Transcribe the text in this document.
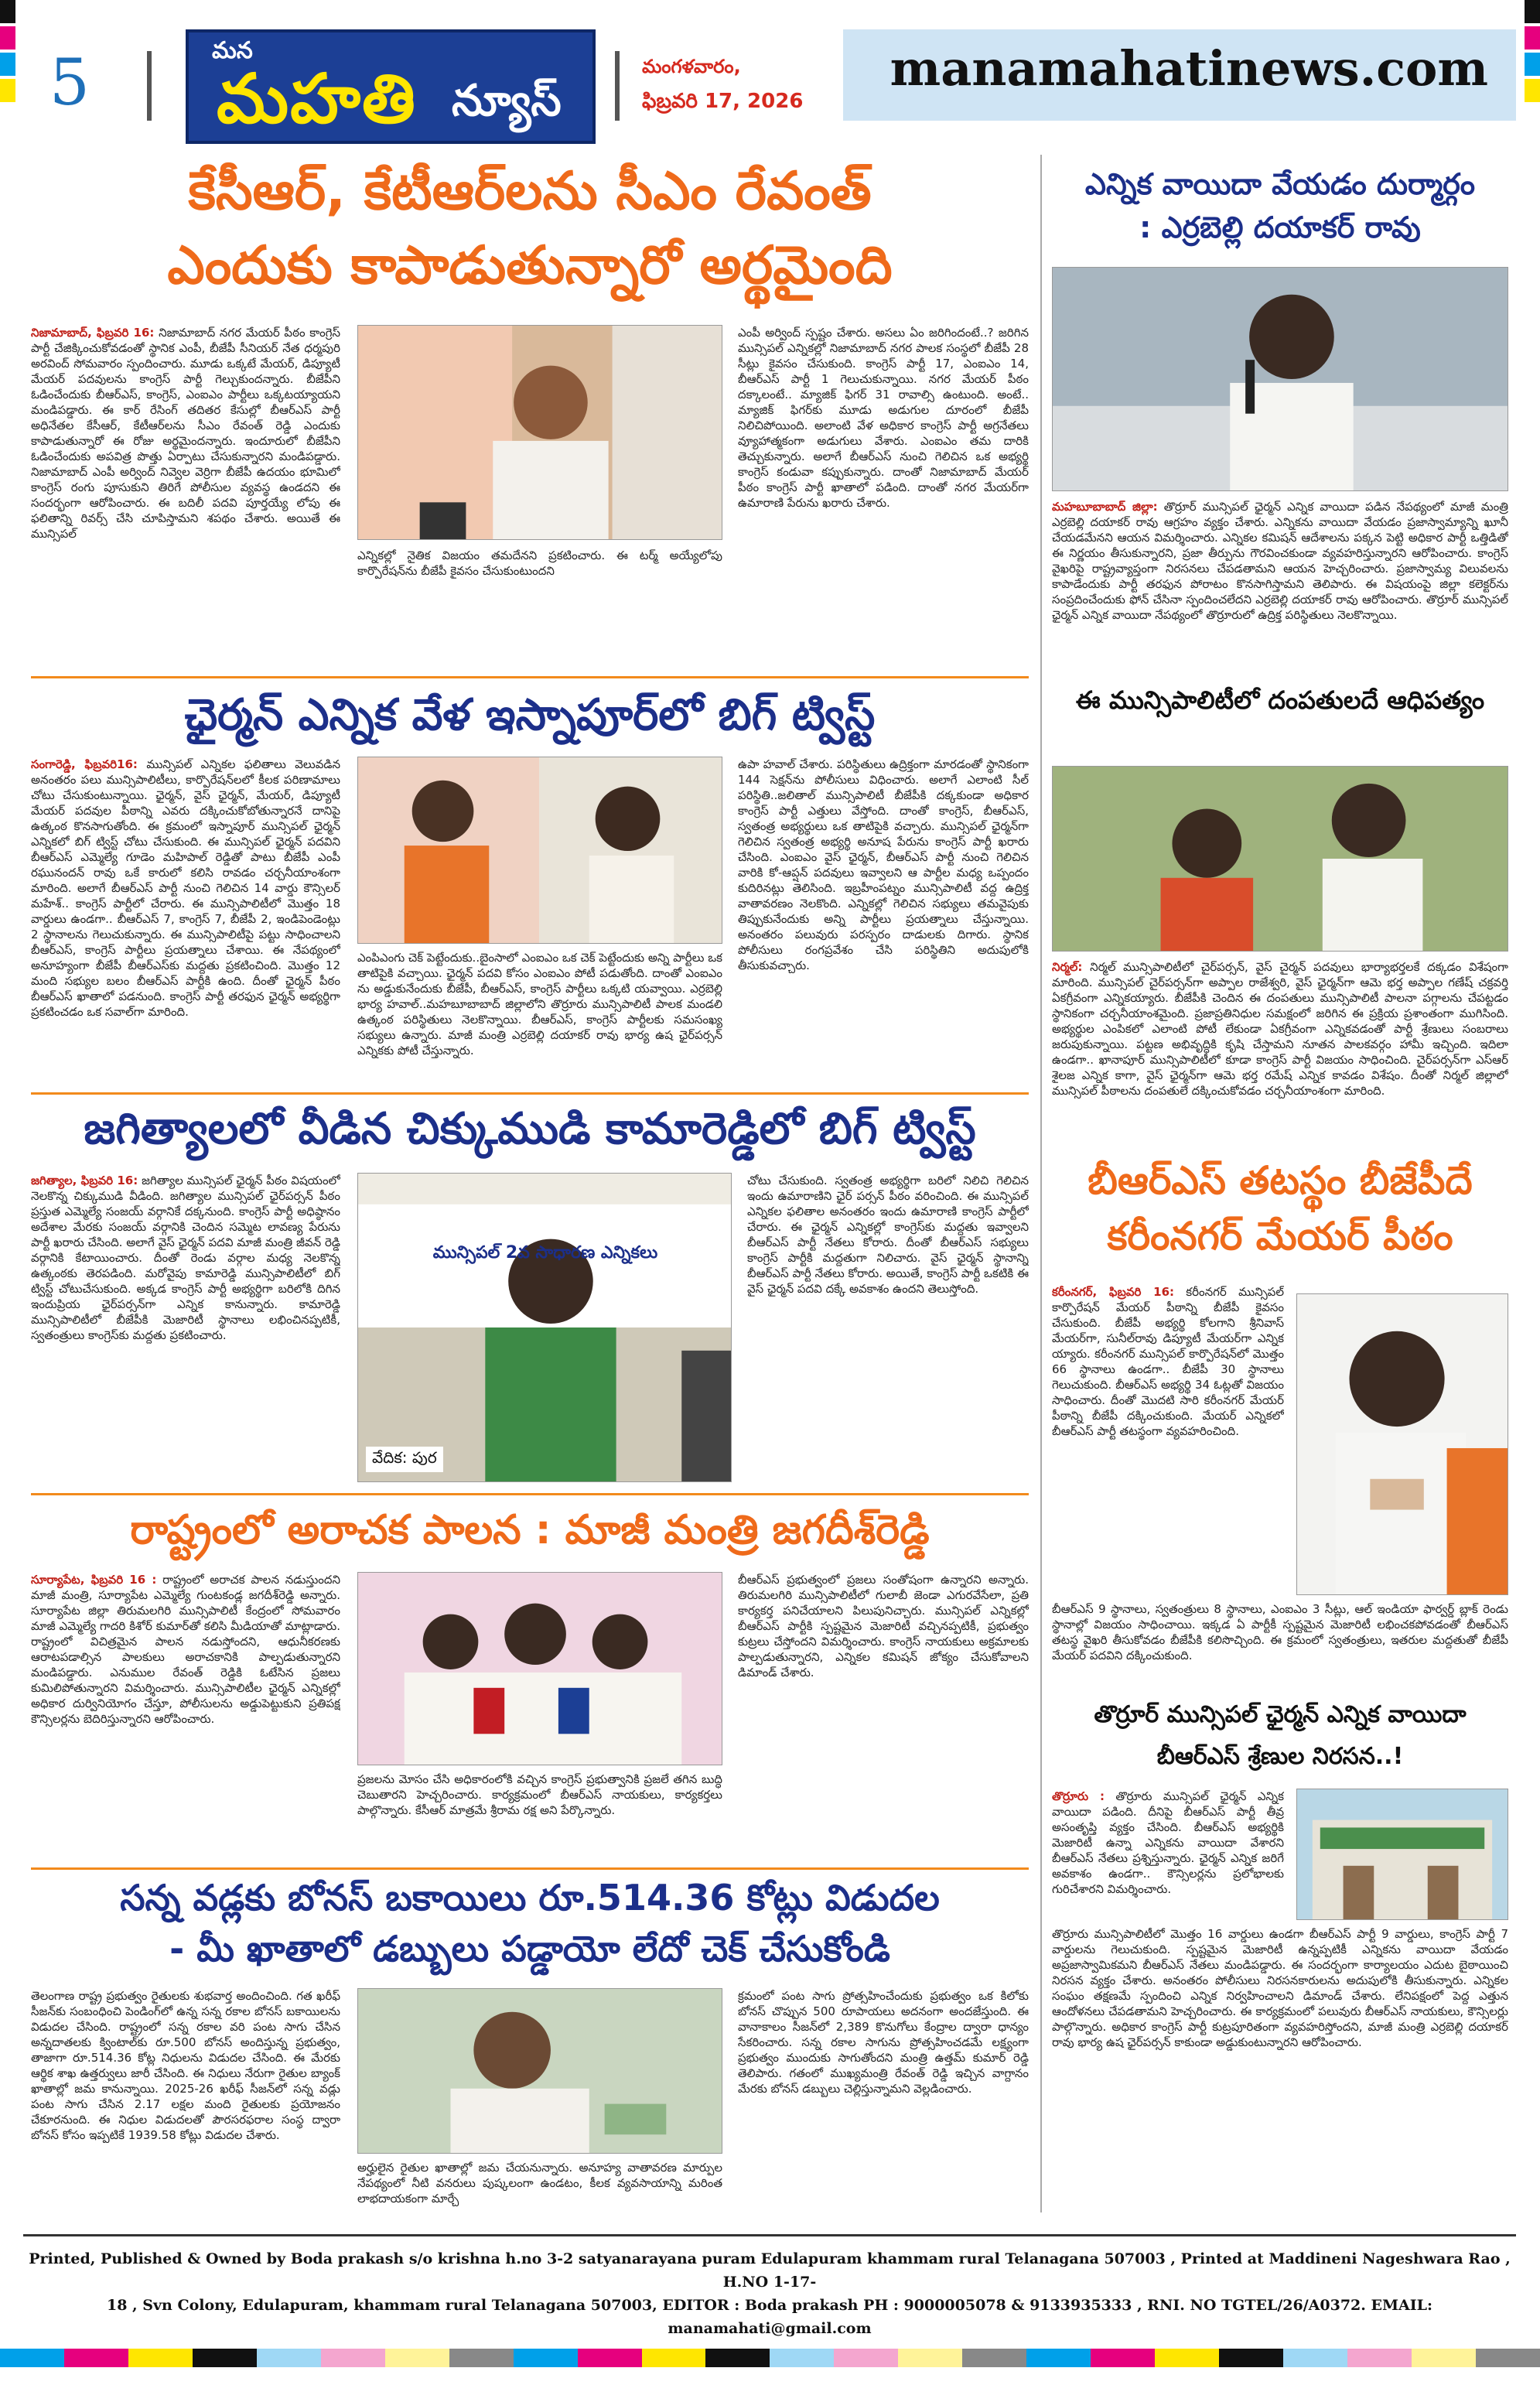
5	మన
మహతి న్యూస్
మంగళవారం,
ఫిబ్రవరి 17, 2026
manamahatinews.com
కేసీఆర్, కేటీఆర్‌లను సీఎం రేవంత్
ఎందుకు కాపాడుతున్నారో అర్థమైంది
నిజామాబాద్, ఫిబ్రవరి 16: నిజామాబాద్ నగర మేయర్ పీఠం కాంగ్రెస్ పార్టీ చేజిక్కించుకోవడంతో స్థానిక ఎంపీ, బీజేపీ సీనియర్ నేత ధర్మపురి అరవింద్ సోమవారం స్పందించారు. మూడు ఒక్కటే మేయర్, డిప్యూటీ మేయర్ పదవులను కాంగ్రెస్ పార్టీ గెల్చుకుందన్నారు. బీజేపీని ఓడించేందుకు బీఆర్ఎస్, కాంగ్రెస్, ఎంఐఎం పార్టీలు ఒక్కటయ్యాయని మండిపడ్డారు. ఈ కార్ రేసింగ్ తదితర కేసుల్లో బీఆర్ఎస్ పార్టీ అధినేతల కేసీఆర్, కేటీఆర్‌లను సీఎం రేవంత్ రెడ్డి ఎందుకు కాపాడుతున్నారో ఈ రోజు అర్థమైందన్నారు. ఇందూరులో బీజేపీని ఓడించేందుకు అపవిత్ర పొత్తు ఏర్పాటు చేసుకున్నారని మండిపడ్డారు. నిజామాబాద్ ఎంపీ అర్వింద్ నివ్వెల వెర్రిగా బీజేపీ ఉదయం భూమిలో కాంగ్రెస్ రంగు పూసుకుని తిరిగే పోలీసుల వ్యవస్థ ఉండదని ఈ సందర్భంగా ఆరోపించారు. ఈ బదిలీ పదవి పూర్తయ్యే లోపు ఈ ఫలితాన్ని రివర్స్ చేసి చూపిస్తామని శపథం చేశారు. అయితే ఈ మున్సిపల్
ఎన్నికల్లో నైతిక విజయం తమదేనని ప్రకటించారు. ఈ టర్మ్ అయ్యేలోపు కార్పొరేషన్‌ను బీజేపీ కైవసం చేసుకుంటుందని
ఎంపీ అర్వింద్ స్పష్టం చేశారు. అసలు ఏం జరిగిందంటే..? జరిగిన మున్సిపల్ ఎన్నికల్లో నిజామాబాద్ నగర పాలక సంస్థలో బీజేపీ 28 సీట్లు కైవసం చేసుకుంది. కాంగ్రెస్ పార్టీ 17, ఎంఐఎం 14, బీఆర్ఎస్ పార్టీ 1 గెలుచుకున్నాయి. నగర మేయర్ పీఠం దక్కాలంటే.. మ్యాజిక్ ఫిగర్ 31 రావాల్సి ఉంటుంది. అంటే.. మ్యాజిక్ ఫిగర్‌కు మూడు అడుగుల దూరంలో బీజేపీ నిలిచిపోయింది. అలాంటి వేళ అధికార కాంగ్రెస్ పార్టీ అగ్రనేతలు వ్యూహాత్మకంగా అడుగులు వేశారు. ఎంఐఎం తమ దారికి తెచ్చుకున్నారు. అలాగే బీఆర్ఎస్ నుంచి గెలిచిన ఒక అభ్యర్థి కాంగ్రెస్ కండువా కప్పుకున్నారు. దాంతో నిజామాబాద్ మేయర్ పీఠం కాంగ్రెస్ పార్టీ ఖాతాలో పడింది. దాంతో నగర మేయర్‌గా ఉమారాణి పేరును ఖరారు చేశారు.
ఎన్నిక వాయిదా వేయడం దుర్మార్గం
: ఎర్రబెల్లి దయాకర్ రావు
మహబూబాబాద్ జిల్లా: తొర్రూర్ మున్సిపల్ ఛైర్మన్ ఎన్నిక వాయిదా పడిన నేపథ్యంలో మాజీ మంత్రి ఎర్రబెల్లి దయాకర్ రావు ఆగ్రహం వ్యక్తం చేశారు. ఎన్నికను వాయిదా వేయడం ప్రజాస్వామ్యాన్ని ఖూనీ చేయడమేనని ఆయన విమర్శించారు. ఎన్నికల కమిషన్ ఆదేశాలను పక్కన పెట్టి అధికార పార్టీ ఒత్తిడితో ఈ నిర్ణయం తీసుకున్నారని, ప్రజా తీర్పును గౌరవించకుండా వ్యవహరిస్తున్నారని ఆరోపించారు. కాంగ్రెస్ వైఖరిపై రాష్ట్రవ్యాప్తంగా నిరసనలు చేపడతామని ఆయన హెచ్చరించారు. ప్రజాస్వామ్య విలువలను కాపాడేందుకు పార్టీ తరఫున పోరాటం కొనసాగిస్తామని తెలిపారు. ఈ విషయంపై జిల్లా కలెక్టర్‌ను సంప్రదించేందుకు ఫోన్ చేసినా స్పందించలేదని ఎర్రబెల్లి దయాకర్ రావు ఆరోపించారు. తొర్రూర్ మున్సిపల్ ఛైర్మన్ ఎన్నిక వాయిదా నేపథ్యంలో తొర్రూరులో ఉద్రిక్త పరిస్థితులు నెలకొన్నాయి.
ఛైర్మన్ ఎన్నిక వేళ ఇస్నాపూర్‌లో బిగ్ ట్విస్ట్
సంగారెడ్డి, ఫిబ్రవరి16: మున్సిపల్ ఎన్నికల ఫలితాలు వెలువడిన అనంతరం పలు మున్సిపాలిటీలు, కార్పొరేషన్‌లలో కీలక పరిణామాలు చోటు చేసుకుంటున్నాయి. ఛైర్మన్, వైస్ ఛైర్మన్, మేయర్, డిప్యూటీ మేయర్ పదవుల పీఠాన్ని ఎవరు దక్కించుకోబోతున్నారనే దానిపై ఉత్కంఠ కొనసాగుతోంది. ఈ క్రమంలో ఇస్నాపూర్ మున్సిపల్ ఛైర్మన్ ఎన్నికలో బిగ్ ట్విస్ట్ చోటు చేసుకుంది. ఈ మున్సిపల్ ఛైర్మన్ పదవిని బీఆర్ఎస్ ఎమ్మెల్యే గూడెం మహిపాల్ రెడ్డితో పాటు బీజేపీ ఎంపీ రఘునందన్ రావు ఒకే కారులో కలిసి రావడం చర్చనీయాంశంగా మారింది. అలాగే బీఆర్ఎస్ పార్టీ నుంచి గెలిచిన 14 వార్డు కౌన్సిలర్ మహేశ్.. కాంగ్రెస్ పార్టీలో చేరారు. ఈ మున్సిపాలిటీలో మొత్తం 18 వార్డులు ఉండగా.. బీఆర్ఎస్ 7, కాంగ్రెస్ 7, బీజేపీ 2, ఇండిపెండెంట్లు 2 స్థానాలను గెలుచుకున్నారు. ఈ మున్సిపాలిటీపై పట్టు సాధించాలని బీఆర్ఎస్, కాంగ్రెస్ పార్టీలు ప్రయత్నాలు చేశాయి. ఈ నేపథ్యంలో అనూహ్యంగా బీజేపీ బీఆర్ఎస్‌కు మద్దతు ప్రకటించింది. మొత్తం 12 మంది సభ్యుల బలం బీఆర్ఎస్ పార్టీకి ఉంది. దీంతో ఛైర్మన్ పీఠం బీఆర్ఎస్ ఖాతాలో పడనుంది. కాంగ్రెస్ పార్టీ తరఫున ఛైర్మన్ అభ్యర్థిగా ప్రకటించడం ఒక సవాల్‌గా మారింది.
ఎంపిఎంగు చెక్ పెట్టేందుకు..బైంసాలో ఎంఐఎం ఒక చెక్ పెట్టేందుకు అన్ని పార్టీలు ఒక తాటిపైకి వచ్చాయి. ఛైర్మన్ పదవి కోసం ఎంఐఎం పోటీ పడుతోంది. దాంతో ఎంఐఎం ను అడ్డుకునేందుకు బీజేపీ, బీఆర్ఎస్, కాంగ్రెస్ పార్టీలు ఒక్కటి యవ్వాయి. ఎర్రబెల్లి భార్య హవాల్..మహబూబాబాద్ జిల్లాలోని తొర్రూరు మున్సిపాలిటీ పాలక మండలి ఉత్కంఠ పరిస్థితులు నెలకొన్నాయి. బీఆర్ఎస్, కాంగ్రెస్ పార్టీలకు సమసంఖ్య సభ్యులు ఉన్నారు. మాజీ మంత్రి ఎర్రబెల్లి దయాకర్ రావు భార్య ఉష ఛైర్‌పర్సన్ ఎన్నికకు పోటీ చేస్తున్నారు.
ఉపా హవాల్ చేశారు. పరిస్థితులు ఉద్రిక్తంగా మారడంతో స్థానికంగా 144 సెక్షన్‌ను పోలీసులు విధించారు. అలాగే ఎలాంటి సీల్ పరిస్థితి..జలితాల్ మున్సిపాలిటీ బీజేపీకి దక్కకుండా అధికార కాంగ్రెస్ పార్టీ ఎత్తులు వేస్తోంది. దాంతో కాంగ్రెస్, బీఆర్ఎస్, స్వతంత్ర అభ్యర్థులు ఒక తాటిపైకి వచ్చారు. మున్సిపల్ ఛైర్మన్‌గా గెలిచిన స్వతంత్ర అభ్యర్థి అనూష పేరును కాంగ్రెస్ పార్టీ ఖరారు చేసింది. ఎంఐఎం వైస్ ఛైర్మన్, బీఆర్ఎస్ పార్టీ నుంచి గెలిచిన వారికి కో-ఆప్షన్ పదవులు ఇవ్వాలని ఆ పార్టీల మధ్య ఒప్పందం కుదిరినట్లు తెలిసింది. ఇబ్రహీంపట్నం మున్సిపాలిటీ వద్ద ఉద్రిక్త వాతావరణం నెలకొంది. ఎన్నికల్లో గెలిచిన సభ్యులు తమవైపుకు తిప్పుకునేందుకు అన్ని పార్టీలు ప్రయత్నాలు చేస్తున్నాయి. అనంతరం పలువురు పరస్పరం దాడులకు దిగారు. స్థానిక పోలీసులు రంగప్రవేశం చేసి పరిస్థితిని అదుపులోకి తీసుకువచ్చారు.
ఈ మున్సిపాలిటీలో దంపతులదే ఆధిపత్యం
నిర్మల్: నిర్మల్ మున్సిపాలిటీలో చైర్‌పర్సన్, వైస్ చైర్మన్ పదవులు భార్యాభర్తలకే దక్కడం విశేషంగా మారింది. మున్సిపల్ చైర్‌పర్సన్‌గా అప్పాల రాజేశ్వరి, వైస్ ఛైర్మన్‌గా ఆమె భర్త అప్పాల గణేష్ చక్రవర్తి ఏకగ్రీవంగా ఎన్నికయ్యారు. బీజేపీకి చెందిన ఈ దంపతులు మున్సిపాలిటీ పాలనా పగ్గాలను చేపట్టడం స్థానికంగా చర్చనీయాంశమైంది. ప్రజాప్రతినిధుల సమక్షంలో జరిగిన ఈ ప్రక్రియ ప్రశాంతంగా ముగిసింది. అభ్యర్థుల ఎంపికలో ఎలాంటి పోటీ లేకుండా ఏకగ్రీవంగా ఎన్నికవడంతో పార్టీ శ్రేణులు సంబరాలు జరుపుకున్నాయి. పట్టణ అభివృద్ధికి కృషి చేస్తామని నూతన పాలకవర్గం హామీ ఇచ్చింది. ఇదిలా ఉండగా.. ఖానాపూర్ మున్సిపాలిటీలో కూడా కాంగ్రెస్ పార్టీ విజయం సాధించింది. చైర్‌పర్సన్‌గా ఎస్‌ఆర్ శైలజ ఎన్నిక కాగా, వైస్ ఛైర్మన్‌గా ఆమె భర్త రమేష్ ఎన్నిక కావడం విశేషం. దీంతో నిర్మల్ జిల్లాలో మున్సిపల్ పీఠాలను దంపతులే దక్కించుకోవడం చర్చనీయాంశంగా మారింది.
జగిత్యాలలో వీడిన చిక్కుముడి కామారెడ్డిలో బిగ్ ట్విస్ట్
జగిత్యాల, ఫిబ్రవరి 16: జగిత్యాల మున్సిపల్ ఛైర్మన్ పీఠం విషయంలో నెలకొన్న చిక్కుముడి వీడింది. జగిత్యాల మున్సిపల్ ఛైర్‌పర్సన్ పీఠం ప్రస్తుత ఎమ్మెల్యే సంజయ్ వర్గానికే దక్కనుంది. కాంగ్రెస్ పార్టీ అధిష్ఠానం అదేశాల మేరకు సంజయ్ వర్గానికి చెందిన సమ్మెట లావణ్య పేరును పార్టీ ఖరారు చేసింది. అలాగే వైస్ ఛైర్మన్ పదవి మాజీ మంత్రి జీవన్ రెడ్డి వర్గానికి కేటాయించారు. దీంతో రెండు వర్గాల మధ్య నెలకొన్న ఉత్కంఠకు తెరపడింది. మరోవైపు కామారెడ్డి మున్సిపాలిటీలో బిగ్ ట్విస్ట్ చోటుచేసుకుంది. అక్కడ కాంగ్రెస్ పార్టీ అభ్యర్థిగా బరిలోకి దిగిన ఇందుప్రియ ఛైర్‌పర్సన్‌గా ఎన్నిక కానున్నారు. కామారెడ్డి మున్సిపాలిటీలో బీజేపీకి మెజారిటీ స్థానాలు లభించినప్పటికీ, స్వతంత్రులు కాంగ్రెస్‌కు మద్దతు ప్రకటించారు.
మున్సిపల్ 2వ సాధారణ ఎన్నికలు
వేదిక: పుర
చోటు చేసుకుంది. స్వతంత్ర అభ్యర్థిగా బరిలో నిలిచి గెలిచిన ఇందు ఉమారాణిని ఛైర్ పర్సన్ పీఠం వరించింది. ఈ మున్సిపల్ ఎన్నికల ఫలితాల అనంతరం ఇందు ఉమారాణి కాంగ్రెస్ పార్టీలో చేరారు. ఈ ఛైర్మన్ ఎన్నికల్లో కాంగ్రెస్‌కు మద్దతు ఇవ్వాలని బీఆర్ఎస్ పార్టీ నేతలు కోరారు. దీంతో బీఆర్ఎస్ సభ్యులు కాంగ్రెస్ పార్టీకి మద్దతుగా నిలిచారు. వైస్ ఛైర్మన్ స్థానాన్ని బీఆర్ఎస్ పార్టీ నేతలు కోరారు. అయితే, కాంగ్రెస్ పార్టీ ఒకటికి ఈ వైస్ ఛైర్మన్ పదవి దక్కే అవకాశం ఉందని తెలుస్తోంది.
బీఆర్ఎస్ తటస్థం బీజేపీదే
కరీంనగర్ మేయర్ పీఠం
కరీంనగర్, ఫిబ్రవరి 16: కరీంనగర్ మున్సిపల్ కార్పొరేషన్ మేయర్ పీఠాన్ని బీజేపీ కైవసం చేసుకుంది. బీజేపీ అభ్యర్థి కోలగాని శ్రీనివాస్ మేయర్‌గా, సునీల్‌రావు డిప్యూటీ మేయర్‌గా ఎన్నిక య్యారు. కరీంనగర్ మున్సిపల్ కార్పొరేషన్‌లో మొత్తం 66 స్థానాలు ఉండగా.. బీజేపీ 30 స్థానాలు గెలుచుకుంది. బీఆర్ఎస్ అభ్యర్థి 34 ఓట్లతో విజయం సాధించారు. దీంతో మొదటి సారి కరీంనగర్ మేయర్ పీఠాన్ని బీజేపీ దక్కించుకుంది. మేయర్ ఎన్నికలో బీఆర్ఎస్ పార్టీ తటస్థంగా వ్యవహరించింది.
బీఆర్ఎస్ 9 స్థానాలు, స్వతంత్రులు 8 స్థానాలు, ఎంఐఎం 3 సీట్లు, ఆల్ ఇండియా ఫార్వర్డ్ బ్లాక్ రెండు స్థానాల్లో విజయం సాధించాయి. ఇక్కడ ఏ పార్టీకీ స్పష్టమైన మెజారిటీ లభించకపోవడంతో బీఆర్ఎస్ తటస్థ వైఖరి తీసుకోవడం బీజేపీకి కలిసొచ్చింది. ఈ క్రమంలో స్వతంత్రులు, ఇతరుల మద్దతుతో బీజేపీ మేయర్ పదవిని దక్కించుకుంది.
రాష్ట్రంలో అరాచక పాలన : మాజీ మంత్రి జగదీశ్‌రెడ్డి
సూర్యాపేట, ఫిబ్రవరి 16 : రాష్ట్రంలో అరాచక పాలన నడుస్తుందని మాజీ మంత్రి, సూర్యాపేట ఎమ్మెల్యే గుంటకండ్ల జగదీశ్‌రెడ్డి అన్నారు. సూర్యాపేట జిల్లా తిరుమలగిరి మున్సిపాలిటీ కేంద్రంలో సోమవారం మాజీ ఎమ్మెల్యే గాదరి కిశోర్ కుమార్‌తో కలిసి మీడియాతో మాట్లాడారు. రాష్ట్రంలో విచిత్రమైన పాలన నడుస్తోందని, ఆధునీకరణకు ఆరాటపడాల్సిన పాలకులు అరాచకానికి పాల్పడుతున్నారని మండిపడ్డారు. ఎనుముల రేవంత్ రెడ్డికి ఓటేసిన ప్రజలు కుమిలిపోతున్నారని విమర్శించారు. మున్సిపాలిటీల ఛైర్మన్ ఎన్నికల్లో అధికార దుర్వినియోగం చేస్తూ, పోలీసులను అడ్డుపెట్టుకుని ప్రతిపక్ష కౌన్సిలర్లను బెదిరిస్తున్నారని ఆరోపించారు.
ప్రజలను మోసం చేసి అధికారంలోకి వచ్చిన కాంగ్రెస్ ప్రభుత్వానికి ప్రజలే తగిన బుద్ధి చెబుతారని హెచ్చరించారు. కార్యక్రమంలో బీఆర్ఎస్ నాయకులు, కార్యకర్తలు పాల్గొన్నారు. కేసీఆర్ మాత్రమే శ్రీరామ రక్ష అని పేర్కొన్నారు.
బీఆర్ఎస్ ప్రభుత్వంలో ప్రజలు సంతోషంగా ఉన్నారని అన్నారు. తిరుమలగిరి మున్సిపాలిటీలో గులాబీ జెండా ఎగురవేసేలా, ప్రతి కార్యకర్త పనిచేయాలని పిలుపునిచ్చారు. మున్సిపల్ ఎన్నికల్లో బీఆర్ఎస్ పార్టీకి స్పష్టమైన మెజారిటీ వచ్చినప్పటికీ, ప్రభుత్వం కుట్రలు చేస్తోందని విమర్శించారు. కాంగ్రెస్ నాయకులు అక్రమాలకు పాల్పడుతున్నారని, ఎన్నికల కమిషన్ జోక్యం చేసుకోవాలని డిమాండ్ చేశారు.
తొర్రూర్ మున్సిపల్ ఛైర్మన్ ఎన్నిక వాయిదా
బీఆర్ఎస్ శ్రేణుల నిరసన..!
తొర్రూరు : తొర్రూరు మున్సిపల్ ఛైర్మన్ ఎన్నిక వాయిదా పడింది. దీనిపై బీఆర్ఎస్ పార్టీ తీవ్ర అసంతృప్తి వ్యక్తం చేసింది. బీఆర్ఎస్ అభ్యర్థికి మెజారిటీ ఉన్నా ఎన్నికను వాయిదా వేశారని బీఆర్ఎస్ నేతలు ప్రశ్నిస్తున్నారు. ఛైర్మన్ ఎన్నిక జరిగే అవకాశం ఉండగా.. కౌన్సిలర్లను ప్రలోభాలకు గురిచేశారని విమర్శించారు.
తొర్రూరు మున్సిపాలిటీలో మొత్తం 16 వార్డులు ఉండగా బీఆర్ఎస్ పార్టీ 9 వార్డులు, కాంగ్రెస్ పార్టీ 7 వార్డులను గెలుచుకుంది. స్పష్టమైన మెజారిటీ ఉన్నప్పటికీ ఎన్నికను వాయిదా వేయడం అప్రజాస్వామికమని బీఆర్ఎస్ నేతలు మండిపడ్డారు. ఈ సందర్భంగా కార్యాలయం ఎదుట బైఠాయించి నిరసన వ్యక్తం చేశారు. అనంతరం పోలీసులు నిరసనకారులను అదుపులోకి తీసుకున్నారు. ఎన్నికల సంఘం తక్షణమే స్పందించి ఎన్నిక నిర్వహించాలని డిమాండ్ చేశారు. లేనిపక్షంలో పెద్ద ఎత్తున ఆందోళనలు చేపడతామని హెచ్చరించారు. ఈ కార్యక్రమంలో పలువురు బీఆర్ఎస్ నాయకులు, కౌన్సిలర్లు పాల్గొన్నారు. అధికార కాంగ్రెస్ పార్టీ కుట్రపూరితంగా వ్యవహరిస్తోందని, మాజీ మంత్రి ఎర్రబెల్లి దయాకర్ రావు భార్య ఉష ఛైర్‌పర్సన్ కాకుండా అడ్డుకుంటున్నారని ఆరోపించారు.
సన్న వడ్లకు బోనస్ బకాయిలు రూ.514.36 కోట్లు విడుదల
- మీ ఖాతాలో డబ్బులు పడ్డాయో లేదో చెక్ చేసుకోండి
తెలంగాణ రాష్ట్ర ప్రభుత్వం రైతులకు శుభవార్త అందించింది. గత ఖరీఫ్ సీజన్‌కు సంబంధించి పెండింగ్‌లో ఉన్న సన్న రకాల బోనస్ బకాయిలను విడుదల చేసింది. రాష్ట్రంలో సన్న రకాల వరి పంట సాగు చేసిన అన్నదాతలకు క్వింటాల్‌కు రూ.500 బోనస్ అందిస్తున్న ప్రభుత్వం, తాజాగా రూ.514.36 కోట్ల నిధులను విడుదల చేసింది. ఈ మేరకు ఆర్థిక శాఖ ఉత్తర్వులు జారీ చేసింది. ఈ నిధులు నేరుగా రైతుల బ్యాంక్ ఖాతాల్లో జమ కానున్నాయి. 2025-26 ఖరీఫ్ సీజన్‌లో సన్న వడ్లు పంట సాగు చేసిన 2.17 లక్షల మంది రైతులకు ప్రయోజనం చేకూరనుంది. ఈ నిధుల విడుదలతో పౌరసరఫరాల సంస్థ ద్వారా బోనస్ కోసం ఇప్పటికే 1939.58 కోట్లు విడుదల చేశారు.
అర్హులైన రైతుల ఖాతాల్లో జమ చేయనున్నారు. అనూహ్య వాతావరణ మార్పుల నేపథ్యంలో నీటి వనరులు పుష్కలంగా ఉండటం, కీలక వ్యవసాయాన్ని మరింత లాభదాయకంగా మార్చే
క్రమంలో పంట సాగు ప్రోత్సహించేందుకు ప్రభుత్వం ఒక కిలోకు బోనస్ చొప్పున 500 రూపాయలు అదనంగా అందజేస్తుంది. ఈ వానాకాలం సీజన్‌లో 2,389 కొనుగోలు కేంద్రాల ద్వారా ధాన్యం సేకరించారు. సన్న రకాల సాగును ప్రోత్సహించడమే లక్ష్యంగా ప్రభుత్వం ముందుకు సాగుతోందని మంత్రి ఉత్తమ్ కుమార్ రెడ్డి తెలిపారు. గతంలో ముఖ్యమంత్రి రేవంత్ రెడ్డి ఇచ్చిన వాగ్దానం మేరకు బోనస్ డబ్బులు చెల్లిస్తున్నామని వెల్లడించారు.
Printed, Published & Owned by Boda prakash s/o krishna h.no 3-2 satyanarayana puram Edulapuram khammam rural Telanagana 507003 , Printed at Maddineni Nageshwara Rao , H.NO 1-17-
18 , Svn Colony, Edulapuram, khammam rural Telanagana 507003, EDITOR : Boda prakash PH : 9000005078 & 9133935333 , RNI. NO TGTEL/26/A0372. EMAIL: manamahati@gmail.com
